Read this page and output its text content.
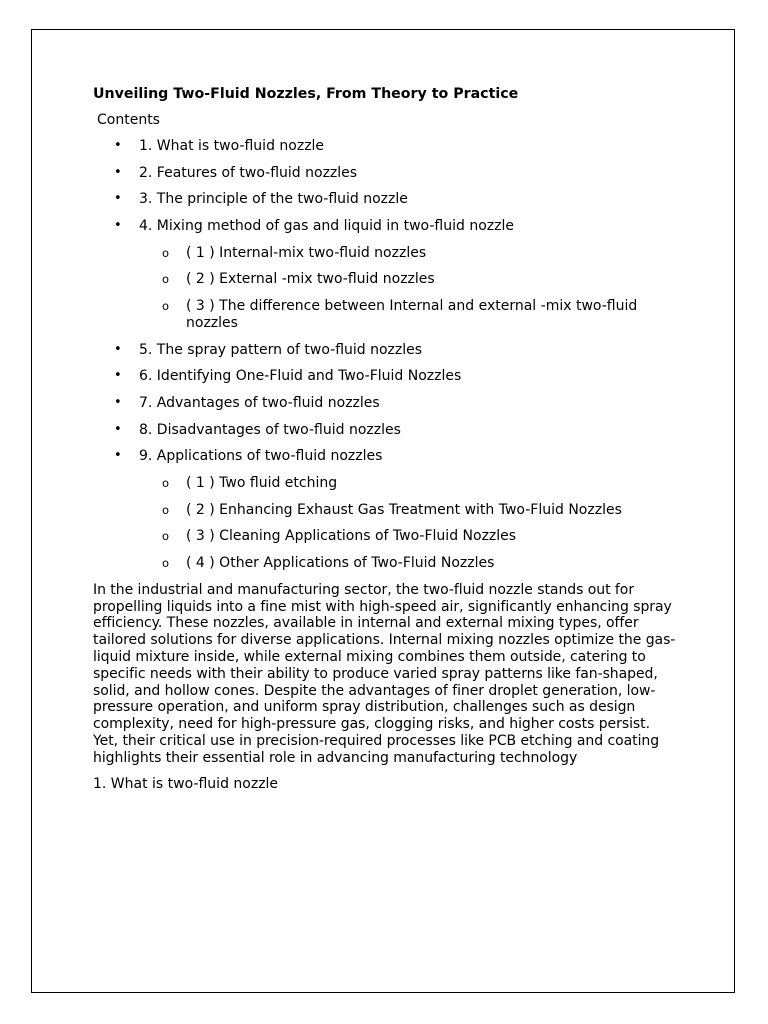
Unveiling Two-Fluid Nozzles, From Theory to Practice
Contents
• 1. What is two-fluid nozzle
• 2. Features of two-fluid nozzles
• 3. The principle of the two-fluid nozzle
• 4. Mixing method of gas and liquid in two-fluid nozzle
o ( 1 ) Internal-mix two-fluid nozzles
o ( 2 ) External -mix two-fluid nozzles
o ( 3 ) The difference between Internal and external -mix two-fluid nozzles
• 5. The spray pattern of two-fluid nozzles
• 6. Identifying One-Fluid and Two-Fluid Nozzles
• 7. Advantages of two-fluid nozzles
• 8. Disadvantages of two-fluid nozzles
• 9. Applications of two-fluid nozzles
o ( 1 ) Two fluid etching
o ( 2 ) Enhancing Exhaust Gas Treatment with Two-Fluid Nozzles
o ( 3 ) Cleaning Applications of Two-Fluid Nozzles
o ( 4 ) Other Applications of Two-Fluid Nozzles

In the industrial and manufacturing sector, the two-fluid nozzle stands out for propelling liquids into a fine mist with high-speed air, significantly enhancing spray efficiency. These nozzles, available in internal and external mixing types, offer tailored solutions for diverse applications. Internal mixing nozzles optimize the gas-liquid mixture inside, while external mixing combines them outside, catering to specific needs with their ability to produce varied spray patterns like fan-shaped, solid, and hollow cones. Despite the advantages of finer droplet generation, low-pressure operation, and uniform spray distribution, challenges such as design complexity, need for high-pressure gas, clogging risks, and higher costs persist. Yet, their critical use in precision-required processes like PCB etching and coating highlights their essential role in advancing manufacturing technology

1. What is two-fluid nozzle
